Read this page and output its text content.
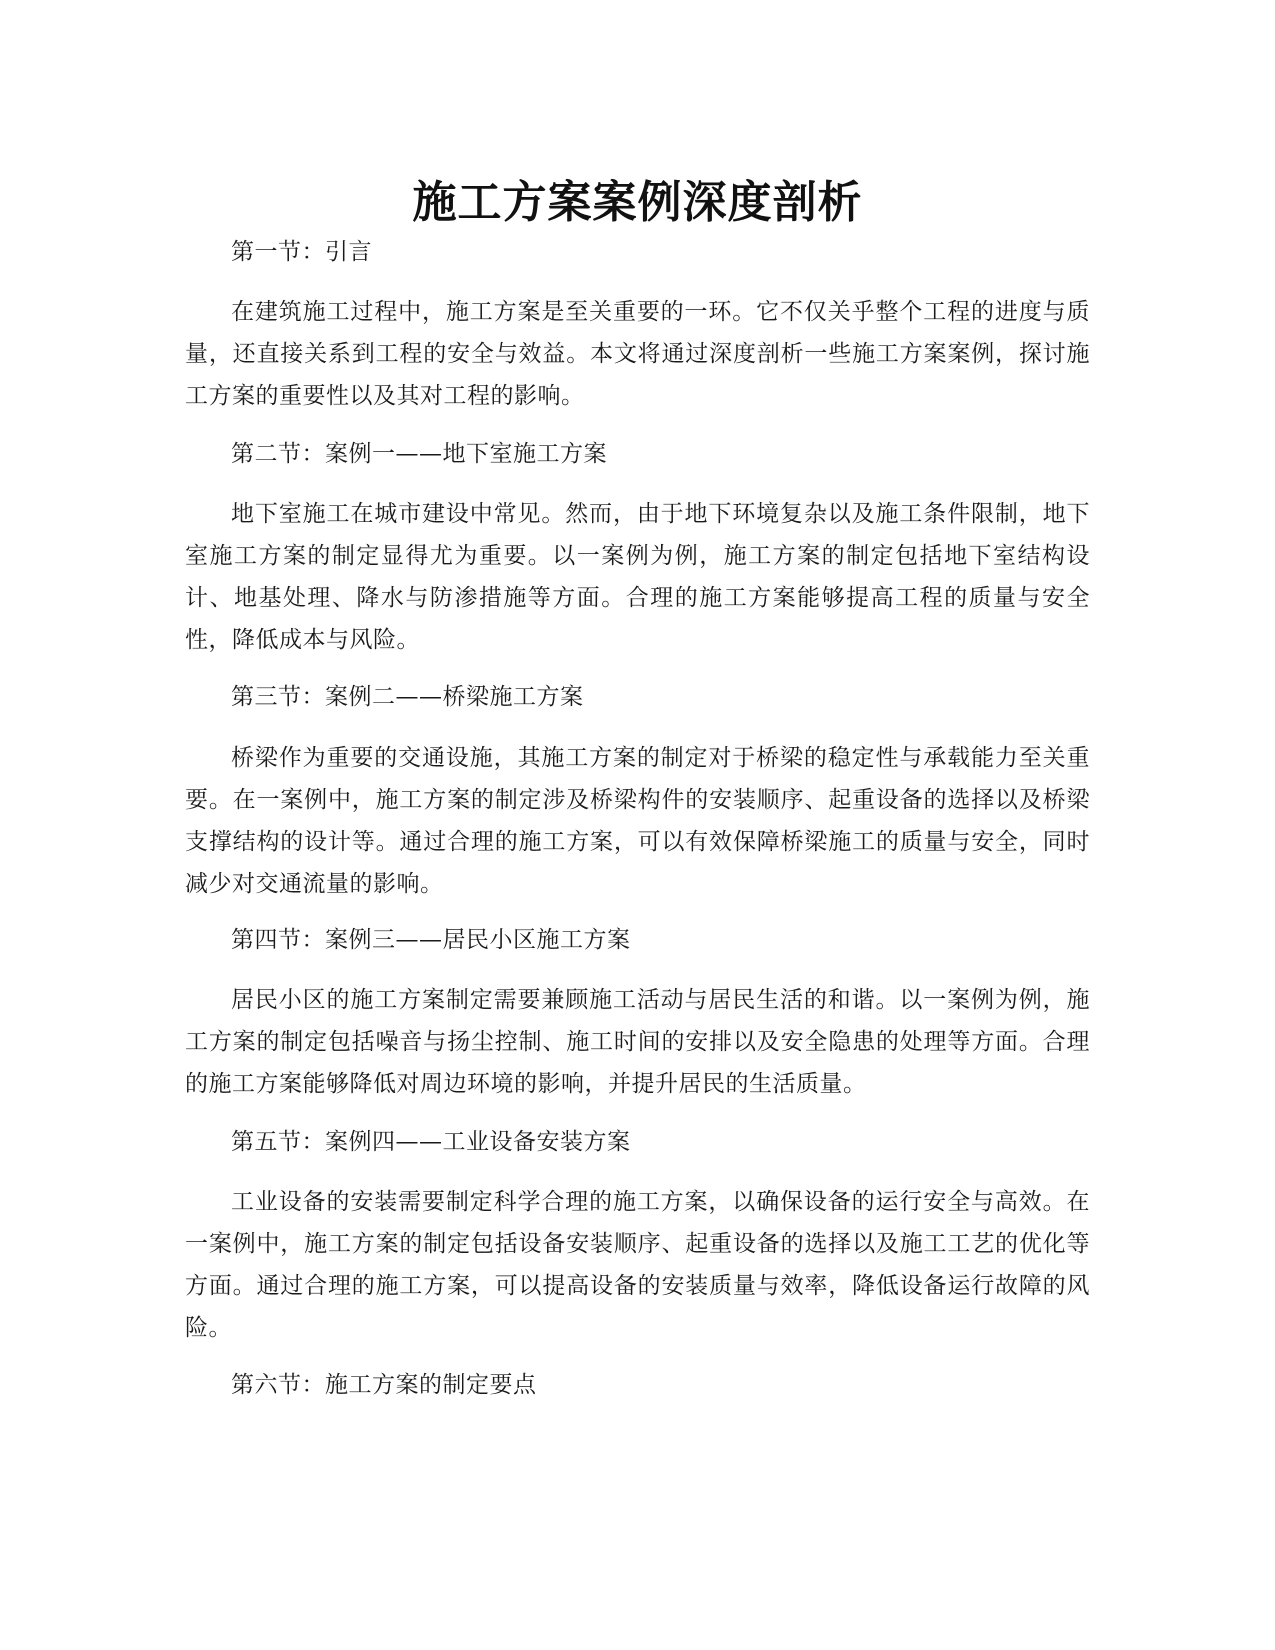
施工方案案例深度剖析

第一节：引言

在建筑施工过程中，施工方案是至关重要的一环。它不仅关乎整个工程的进度与质量，还直接关系到工程的安全与效益。本文将通过深度剖析一些施工方案案例，探讨施工方案的重要性以及其对工程的影响。

第二节：案例一——地下室施工方案

地下室施工在城市建设中常见。然而，由于地下环境复杂以及施工条件限制，地下室施工方案的制定显得尤为重要。以一案例为例，施工方案的制定包括地下室结构设计、地基处理、降水与防渗措施等方面。合理的施工方案能够提高工程的质量与安全性，降低成本与风险。

第三节：案例二——桥梁施工方案

桥梁作为重要的交通设施，其施工方案的制定对于桥梁的稳定性与承载能力至关重要。在一案例中，施工方案的制定涉及桥梁构件的安装顺序、起重设备的选择以及桥梁支撑结构的设计等。通过合理的施工方案，可以有效保障桥梁施工的质量与安全，同时减少对交通流量的影响。

第四节：案例三——居民小区施工方案

居民小区的施工方案制定需要兼顾施工活动与居民生活的和谐。以一案例为例，施工方案的制定包括噪音与扬尘控制、施工时间的安排以及安全隐患的处理等方面。合理的施工方案能够降低对周边环境的影响，并提升居民的生活质量。

第五节：案例四——工业设备安装方案

工业设备的安装需要制定科学合理的施工方案，以确保设备的运行安全与高效。在一案例中，施工方案的制定包括设备安装顺序、起重设备的选择以及施工工艺的优化等方面。通过合理的施工方案，可以提高设备的安装质量与效率，降低设备运行故障的风险。

第六节：施工方案的制定要点
